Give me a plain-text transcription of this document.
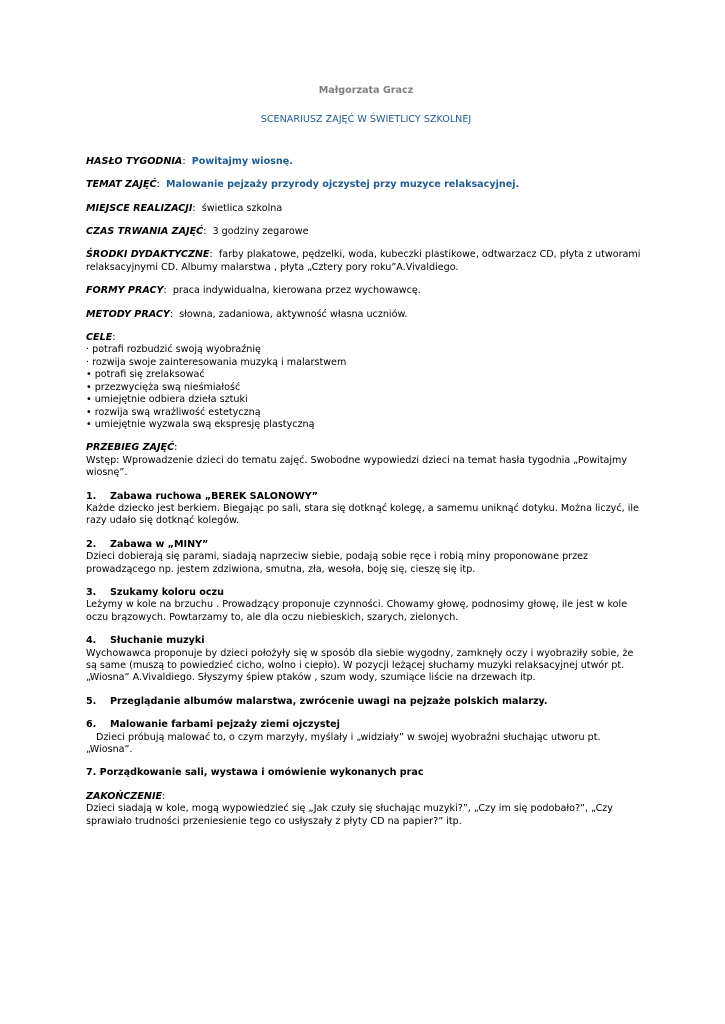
Małgorzata Gracz
SCENARIUSZ ZAJĘĆ W ŚWIETLICY SZKOLNEJ

HASŁO TYGODNIA:  Powitajmy wiosnę.

TEMAT ZAJĘĆ:  Malowanie pejzaży przyrody ojczystej przy muzyce relaksacyjnej.

MIEJSCE REALIZACJI:  świetlica szkolna

CZAS TRWANIA ZAJĘĆ:  3 godziny zegarowe

ŚRODKI DYDAKTYCZNE:  farby plakatowe, pędzelki, woda, kubeczki plastikowe, odtwarzacz CD, płyta z utworami relaksacyjnymi CD. Albumy malarstwa , płyta „Cztery pory roku”A.Vivaldiego.

FORMY PRACY:  praca indywidualna, kierowana przez wychowawcę.

METODY PRACY:  słowna, zadaniowa, aktywność własna uczniów.

CELE:

· potrafi rozbudzić swoją wyobraźnię
· rozwija swoje zainteresowania muzyką i malarstwem
• potrafi się zrelaksować
• przezwycięża swą nieśmiałość
• umiejętnie odbiera dzieła sztuki
• rozwija swą wrażliwość estetyczną
• umiejętnie wyzwala swą ekspresję plastyczną

PRZEBIEG ZAJĘĆ:

Wstęp: Wprowadzenie dzieci do tematu zajęć. Swobodne wypowiedzi dzieci na temat hasła tygodnia „Powitajmy wiosnę”.

1. Zabawa ruchowa „BEREK SALONOWY”

Każde dziecko jest berkiem. Biegając po sali, stara się dotknąć kolegę, a samemu uniknąć dotyku. Można liczyć, ile razy udało się dotknąć kolegów.

2. Zabawa w „MINY”

Dzieci dobierają się parami, siadają naprzeciw siebie, podają sobie ręce i robią miny proponowane przez prowadzącego np. jestem zdziwiona, smutna, zła, wesoła, boję się, cieszę się itp.

3. Szukamy koloru oczu

Leżymy w kole na brzuchu . Prowadzący proponuje czynności. Chowamy głowę, podnosimy głowę, ile jest w kole oczu brązowych. Powtarzamy to, ale dla oczu niebieskich, szarych, zielonych.

4. Słuchanie muzyki

Wychowawca proponuje by dzieci położyły się w sposób dla siebie wygodny, zamknęły oczy i wyobraziły sobie, że są same (muszą to powiedzieć cicho, wolno i ciepło). W pozycji leżącej słuchamy muzyki relaksacyjnej utwór pt. „Wiosna” A.Vivaldiego. Słyszymy śpiew ptaków , szum wody, szumiące liście na drzewach itp.

5. Przeglądanie albumów malarstwa, zwrócenie uwagi na pejzaże polskich malarzy.

6. Malowanie farbami pejzaży ziemi ojczystej

Dzieci próbują malować to, o czym marzyły, myślały i „widziały” w swojej wyobraźni słuchając utworu pt. „Wiosna”.

7. Porządkowanie sali, wystawa i omówienie wykonanych prac

ZAKOŃCZENIE:

Dzieci siadają w kole, mogą wypowiedzieć się „Jak czuły się słuchając muzyki?”, „Czy im się podobało?”, „Czy sprawiało trudności przeniesienie tego co usłyszały z płyty CD na papier?” itp.
